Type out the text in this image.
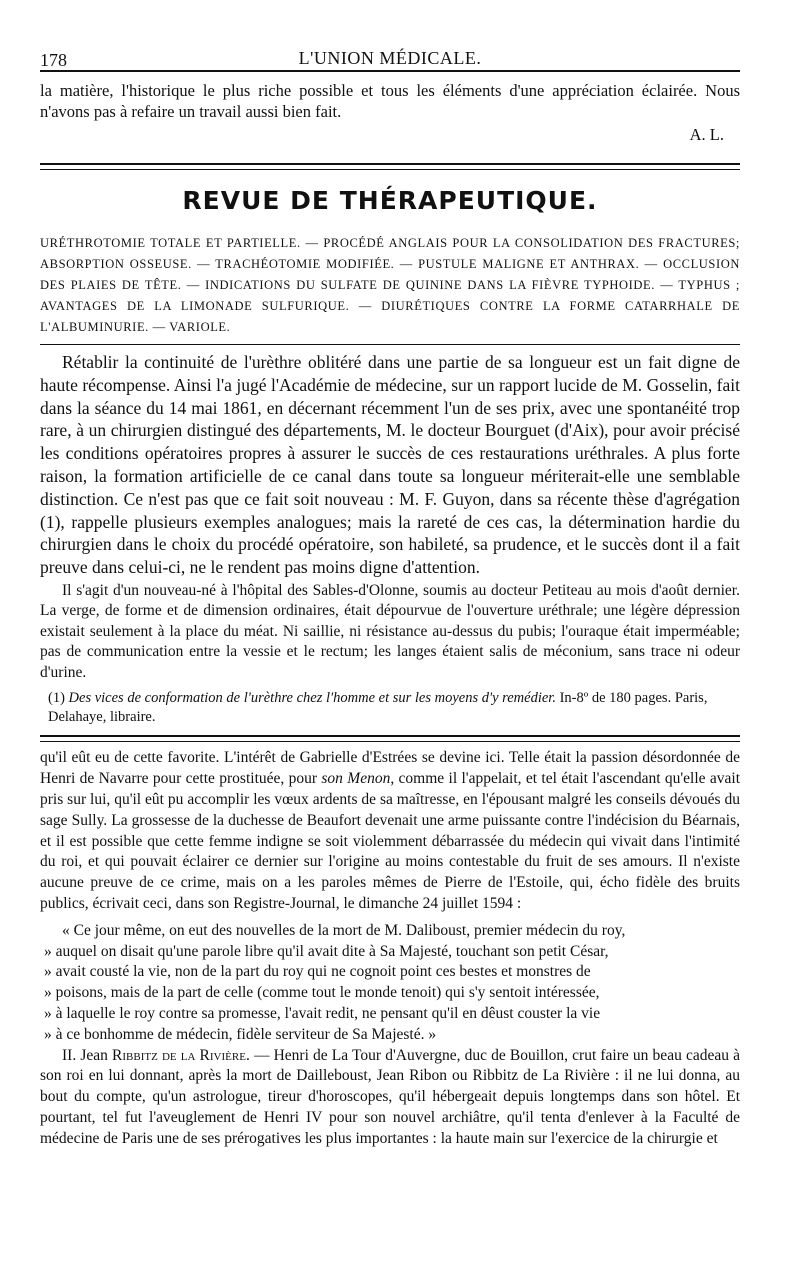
178	L'UNION MÉDICALE.

la matière, l'historique le plus riche possible et tous les éléments d'une appréciation éclairée. Nous n'avons pas à refaire un travail aussi bien fait.

A. L.
REVUE DE THÉRAPEUTIQUE.
URÉTHROTOMIE TOTALE ET PARTIELLE. — PROCÉDÉ ANGLAIS POUR LA CONSOLIDATION DES FRACTURES; ABSORPTION OSSEUSE. — TRACHÉOTOMIE MODIFIÉE. — PUSTULE MALIGNE ET ANTHRAX. — OCCLUSION DES PLAIES DE TÊTE. — INDICATIONS DU SULFATE DE QUININE DANS LA FIÈVRE TYPHOIDE. — TYPHUS ; AVANTAGES DE LA LIMONADE SULFURIQUE. — DIURÉTIQUES CONTRE LA FORME CATARRHALE DE L'ALBUMINURIE. — VARIOLE.

Rétablir la continuité de l'urèthre oblitéré dans une partie de sa longueur est un fait digne de haute récompense. Ainsi l'a jugé l'Académie de médecine, sur un rapport lucide de M. Gosselin, fait dans la séance du 14 mai 1861, en décernant récemment l'un de ses prix, avec une spontanéité trop rare, à un chirurgien distingué des départements, M. le docteur Bourguet (d'Aix), pour avoir précisé les conditions opératoires propres à assurer le succès de ces restaurations uréthrales. A plus forte raison, la formation artificielle de ce canal dans toute sa longueur mériterait-elle une semblable distinction. Ce n'est pas que ce fait soit nouveau : M. F. Guyon, dans sa récente thèse d'agrégation (1), rappelle plusieurs exemples analogues; mais la rareté de ces cas, la détermination hardie du chirurgien dans le choix du procédé opératoire, son habileté, sa prudence, et le succès dont il a fait preuve dans celui-ci, ne le rendent pas moins digne d'attention.

Il s'agit d'un nouveau-né à l'hôpital des Sables-d'Olonne, soumis au docteur Petiteau au mois d'août dernier. La verge, de forme et de dimension ordinaires, était dépourvue de l'ouverture uréthrale; une légère dépression existait seulement à la place du méat. Ni saillie, ni résistance au-dessus du pubis; l'ouraque était imperméable; pas de communication entre la vessie et le rectum; les langes étaient salis de méconium, sans trace ni odeur d'urine.

(1) Des vices de conformation de l'urèthre chez l'homme et sur les moyens d'y remédier. In-8º de 180 pages. Paris, Delahaye, libraire.

qu'il eût eu de cette favorite. L'intérêt de Gabrielle d'Estrées se devine ici. Telle était la passion désordonnée de Henri de Navarre pour cette prostituée, pour son Menon, comme il l'appelait, et tel était l'ascendant qu'elle avait pris sur lui, qu'il eût pu accomplir les vœux ardents de sa maîtresse, en l'épousant malgré les conseils dévoués du sage Sully. La grossesse de la duchesse de Beaufort devenait une arme puissante contre l'indécision du Béarnais, et il est possible que cette femme indigne se soit violemment débarrassée du médecin qui vivait dans l'intimité du roi, et qui pouvait éclairer ce dernier sur l'origine au moins contestable du fruit de ses amours. Il n'existe aucune preuve de ce crime, mais on a les paroles mêmes de Pierre de l'Estoile, qui, écho fidèle des bruits publics, écrivait ceci, dans son Registre-Journal, le dimanche 24 juillet 1594 :

« Ce jour même, on eut des nouvelles de la mort de M. Daliboust, premier médecin du roy,

» auquel on disait qu'une parole libre qu'il avait dite à Sa Majesté, touchant son petit César,

» avait cousté la vie, non de la part du roy qui ne cognoit point ces bestes et monstres de

» poisons, mais de la part de celle (comme tout le monde tenoit) qui s'y sentoit intéressée,

» à laquelle le roy contre sa promesse, l'avait redit, ne pensant qu'il en dêust couster la vie

» à ce bonhomme de médecin, fidèle serviteur de Sa Majesté. »

II. Jean Ribbitz de la Rivière. — Henri de La Tour d'Auvergne, duc de Bouillon, crut faire un beau cadeau à son roi en lui donnant, après la mort de Dailleboust, Jean Ribon ou Ribbitz de La Rivière : il ne lui donna, au bout du compte, qu'un astrologue, tireur d'horoscopes, qu'il hébergeait depuis longtemps dans son hôtel. Et pourtant, tel fut l'aveuglement de Henri IV pour son nouvel archiâtre, qu'il tenta d'enlever à la Faculté de médecine de Paris une de ses prérogatives les plus importantes : la haute main sur l'exercice de la chirurgie et
